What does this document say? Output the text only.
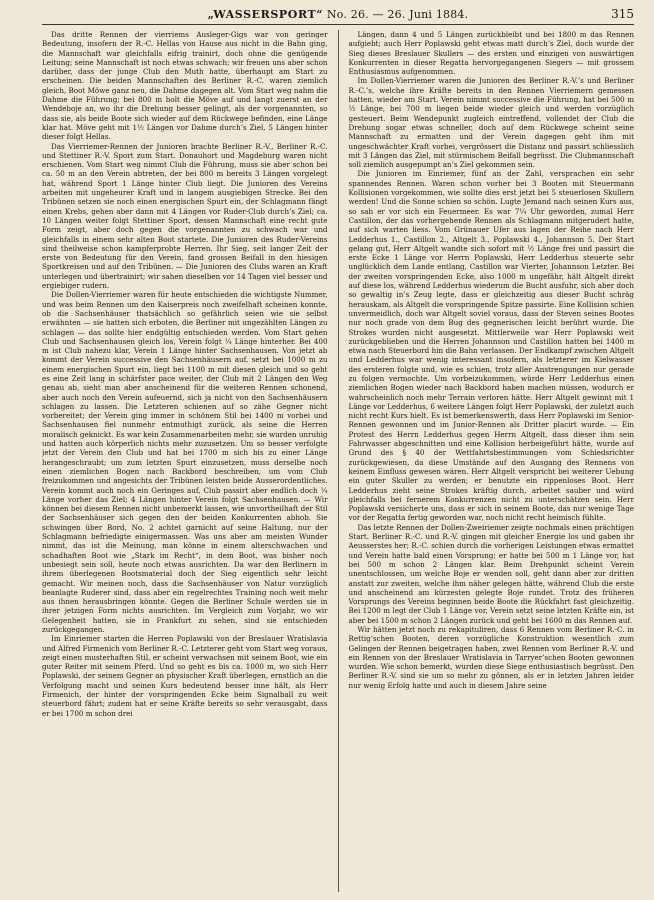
„WASSERSPORT“ No. 26. — 26. Juni 1884.	315

Das dritte Rennen der vierriems Ausleger-Gigs war von geringer Bedeutung, insofern der R.-C. Hellas von Hause aus nicht in die Bahn ging, die Mannschaft war gleichfalls eifrig trainirt, doch ohne die genügende Leitung; seine Mannschaft ist noch etwas schwach; wir freuen uns aber schon darüber, dass der junge Club den Muth hatte, überhaupt am Start zu erscheinen. Die beiden Mannschaften des Berliner R.-C. waren ziemlich gleich, Boot Möwe ganz neu, die Dahme dagegen alt. Vom Start weg nahm die Dahme die Führung; bei 800 m holt die Möve auf und langt zuerst an der Wendeboje an, wo ihr die Drehung besser gelingt, als der vorgenannten, so dass sie, als beide Boote sich wieder auf dem Rückwege befinden, eine Länge klar hat. Möve geht mit 1½ Längen vor Dahme durch’s Ziel, 5 Längen hinter dieser folgt Hellas.

Das Vierriemer-Rennen der Junioren brachte Berliner R.-V., Berliner R.-C. und Stettiner R.-V. Sport zum Start. Donauhort und Magdeburg waren nicht erschienen. Vom Start weg nimmt Club die Führung, muss sie aber schon bei ca. 50 m an den Verein abtreten, der bei 800 m bereits 3 Längen vorgelegt hat, während Sport 1 Länge hinter Club liegt. Die Junioren des Vereins arbeiten mit ungeheurer Kraft und in langem ausgiebigen Strecke. Bei den Tribünen setzen sie noch einen energischen Spurt ein, der Schlagmann fängt einen Krebs, gehen aber dann mit 4 Längen vor Ruder-Club durch’s Ziel; ca. 10 Längen weiter folgt Stettiner Sport, dessen Mannschaft eine recht gute Form zeigt, aber doch gegen die vorgenannten zu schwach war und gleichfalls in einem sehr alten Boot startete. Die Junioren des Ruder-Vereins sind theilweise schon kampferprobte Herren. Ihr Sieg, seit langer Zeit der erste von Bedeutung für den Verein, fand grossen Beifall in den hiesigen Sportkreisen und auf den Tribünen. — Die Junioren des Clubs waren an Kraft unterlegen und übertrainirt; wir sahen dieselben vor 14 Tagen viel besser und ergiebiger rudern.

Die Dollen-Vierriemer waren für heute entschieden die wichtigste Nummer, und was beim Rennen um den Kaiserpreis noch zweifelhaft scheinen konnte, ob die Sachsenhäuser thatsächlich so gefährlich seien wie sie selbst erwähnten — sie hatten sich erboten, die Berliner mit ungezählten Längen zu schlagen — das sollte hier endgültig entschieden werden. Vom Start gehen Club und Sachsenhausen gleich los, Verein folgt ¼ Länge hinterher. Bei 400 m ist Club nahezu klar, Verein 1 Länge hinter Sachsenhausen. Von jetzt ab kommt der Verein successive den Sachsenhäusern auf, setzt bei 1000 m zu einem energischen Spurt ein, liegt bei 1100 m mit diesen gleich und so geht es eine Zeit lang in schärfster pace weiter, der Club mit 2 Längen den Weg genau ab, sieht man aber anscheinend für die weiteren Rennen schonend, aber auch noch den Verein aufeuernd, sich ja nicht von den Sachsenhäusern schlagen zu lassen. Die Letzteren schienen auf so zähe Gegner nicht vorbereitet; der Verein ging immer in schönem Stil bei 1400 m vorbei und Sachsenhausen fiel nunmehr entmuthigt zurück, als seine die Herren moralisch geknickt. Es war kein Zusammenarbeiten mehr, sie wurden unruhig und hatten auch körperlich nichts mehr zuzusetzen. Um so besser verfolgte jetzt der Verein den Club und hat bei 1700 m sich bis zu einer Länge herangeschraubt; um zum letzten Spurt einzusetzen, muss derselbe noch einen ziemlichen Bogen nach Backbord beschreiben, um vom Club freizukommen und angesichts der Tribünen leisten beide Ausserordentliches. Verein kommt auch noch ein Geringes auf, Club passirt aber endlich doch ¼ Länge vorher das Ziel; 4 Längen hinter Verein folgt Sachsenhausen. — Wir können bei diesem Rennen nicht unbemerkt lassen, wie unvortheilhaft der Stil der Sachsenhäuser sich gegen den der beiden Konkurrenten abhob. Sie schwingen über Bord, No. 2 achtet garnicht auf seine Haltung, nur der Schlagmann befriedigte einigermassen. Was uns aber am meisten Wunder nimmt, das ist die Meinung, man könne in einem alterschwachen und schadhaften Boot wie „Stark im Recht“, in dem Boot, was bisher noch unbesiegt sein soll, heute noch etwas ausrichten. Da war den Berlinern in ihrem überlegenen Bootsmaterial doch der Sieg eigentlich sehr leicht gemacht. Wir meinen noch, dass die Sachsenhäuser von Natur vorzüglich beanlagte Ruderer sind, dass aber ein regelrechtes Training noch weit mehr aus ihnen herausbringen könnte. Gegen die Berliner Schule werden sie in ihrer jetzigen Form nichts ausrichten. Im Vergleich zum Vorjahr, wo wir Gelegenheit hatten, sie in Frankfurt zu sehen, sind sie entschieden zurückgegangen.

Im Einriemer starten die Herren Poplawski von der Breslauer Wratislavia und Alfred Firmenich vom Berliner R.-C. Letzterer geht vom Start weg voraus, zeigt einen musterhaften Stil, er scheint verwachsen mit seinem Boot, wie ein guter Reiter mit seinem Pferd. Und so geht es bis ca. 1000 m, wo sich Herr Poplawski, der seinem Gegner an physischer Kraft überlegen, ernstlich an die Verfolgung macht und seinen Kurs bedeutend besser inne hält, als Herr Firmenich, der hinter der vorspringenden Ecke beim Signalball zu weit steuerbord fährt; zudem hat er seine Kräfte bereits so sehr verausgabt, dass er bei 1700 m schon drei

Längen, dann 4 und 5 Längen zurückbleibt und bei 1800 m das Rennen aufgiebt; auch Herr Poplawski geht etwas matt durch’s Ziel, doch wurde der Sieg dieses Breslauer Skullers — des ersten und einzigen von auswärtigen Konkurrenten in dieser Regatta hervorgegangenen Siegers — mit grossem Enthusiasmus aufgenommen.

Im Dollen-Vierriemer waren die Junioren des Berliner R.-V.’s und Berliner R.-C.’s, welche ihre Kräfte bereits in den Rennen Vierriemern gemessen hatten, wieder am Start. Verein nimmt successive die Führung, hat bei 500 m ½ Länge, bei 700 m liegen beide wieder gleich und werden vorzüglich gesteuert. Beim Wendepunkt zugleich eintreffend, vollendet der Club die Drehung sogar etwas schneller, doch auf dem Rückwege scheint seine Mannschaft zu ermatten und der Verein dagegen geht ihm mit ungeschwächter Kraft vorbei, vergrössert die Distanz und passirt schliesslich mit 3 Längen das Ziel, mit stürmischem Beifall begrüsst. Die Clubmannschaft soll ziemlich ausgepumpt an’s Ziel gekommen sein.

Die Junioren im Einriemer, fünf an der Zahl, versprachen ein sehr spannendes Rennen. Waren schon vorher bei 3 Booten mit Steuermann Kollisionen vorgekommen, wie sollte dies erst jetzt bei 5 steuerlosen Skullern werden! Und die Sonne schien so schön. Lugte Jemand nach seinen Kurs aus, so sah er vor sich ein Feuermeer. Es war 7¼ Uhr geworden, zumal Herr Castillon, der das vorhergehende Rennen als Schlagmann mitgerudert hatte, auf sich warten liess. Vom Grünauer Ufer aus lagen der Reihe nach Herr Ledderhus 1., Castillon 2., Altgelt 3., Poplawski 4., Johannson 5. Der Start gelang gut, Herr Altgelt wandte sich sofort mit ½ Länge frei und passirt die erste Ecke 1 Länge vor Herrn Poplawski, Herr Ledderhus steuerte sehr unglücklich dem Lande entlang, Castillon war Vierter, Johannson Letzter. Bei der zweiten vorspringenden Ecke, also 1000 m ungefähr, hält Altgelt direkt auf diese los, während Ledderhus wiederum die Bucht ausfuhr, sich aber doch so gewaltig in’s Zeug legte, dass er gleichzeitig aus dieser Bucht schräg herauskam, als Altgelt die vorspringende Spitze passirte. Eine Kollision schien unvermeidlich, doch war Altgelt soviel voraus, dass der Steven seines Bootes nur noch grade von dem Bug des gegnerischen leicht berührt wurde. Die Strokes wurden nicht ausgesetzt. Mittlerweile war Herr Poplawski weit zurückgeblieben und die Herren Johannson und Castillon hatten bei 1400 m etwa nach Steuerbord hin die Bahn verlassen. Der Endkampf zwischen Altgelt und Ledderhus war wenig interessant insofern, als letzterer im Kielwasser des ersteren folgte und, wie es schien, trotz aller Anstrengungen nur gerade zu folgen vermochte. Um vorbeizukommen, würde Herr Ledderhus einen ziemlichen Bogen wieder nach Backbord haben machen müssen, wodurch er wahrscheinlich noch mehr Terrain verloren hätte. Herr Altgelt gewinnt mit 1 Länge vor Ledderhus, 6 weitere Längen folgt Herr Poplawski, der zuletzt auch nicht recht Kurs hielt. Es ist bemerkenswerth, dass Herr Poplawski im Senior-Rennen gewonnen und im Junior-Rennen als Dritter placirt wurde. — Ein Protest des Herrn Ledderhus gegen Herrn Altgelt, dass dieser ihm sein Fahrwasser abgeschnitten und eine Kollision herbeigeführt hätte, wurde auf Grund des § 40 der Wettfahrtsbestimmungen vom Schiedsrichter zurückgewiesen, da diese Umstände auf den Ausgang des Rennens von keinem Einfluss gewesen wären. Herr Altgelt verspricht bei weiterer Uebung ein guter Skuller zu werden; er benutzte ein rippenloses Boot. Herr Ledderhus zieht seine Strokes kräftig durch, arbeitet sauber und würd gleichfalls bei fernerem Konkurrenzen nicht zu unterschätzen sein. Herr Poplawski versicherte uns, dass er sich in seinem Boote, das nur wenige Tage vor der Regatta fertig geworden war, noch nicht recht heimisch fühlte.

Das letzte Rennen der Dollen-Zweiriemer zeigte nochmals einen prächtigen Start. Berliner R.-C. und R.-V. gingen mit gleicher Energie los und gaben ihr Aeusserstes her; R.-C. schien durch die vorherigen Leistungen etwas ermattet und Verein hatte bald einen Vorsprung; er hatte bei 500 m 1 Länge vor, hat bei 500 m schon 2 Längen klar. Beim Drehpunkt scheint Verein unentschlossen, um welche Boje er wenden soll, geht dann aber zur dritten anstatt zur zweiten, welche ihm näher gelegen hätte, während Club die erste und anscheinend am kürzesten gelegte Boje rundet. Trotz des früheren Vorsprungs des Vereins beginnen beide Boote die Rückfahrt fast gleichzeitig. Bei 1200 m legt der Club 1 Länge vor, Verein setzt seine letzten Kräfte ein, ist aber bei 1500 m schon 2 Längen zurück und geht bei 1600 m das Rennen auf.

Wir hätten jetzt noch zu rekapituliren, dass 6 Rennen vom Berliner R.-C. in Rettig’schen Booten, deren vorzügliche Konstruktion wesentlich zum Gelingen der Rennen beigetragen haben, zwei Rennen vom Berliner R.-V. und ein Rennen von der Breslauer Wratislavia in Tarryer’schen Booten gewonnen wurden. Wie schon bemerkt, wurden diese Siege enthusiastisch begrüsst. Den Berliner R.-V. sind sie um so mehr zu gönnen, als er in letzten Jahren leider nur wenig Erfolg hatte und auch in diesem Jahre seine
